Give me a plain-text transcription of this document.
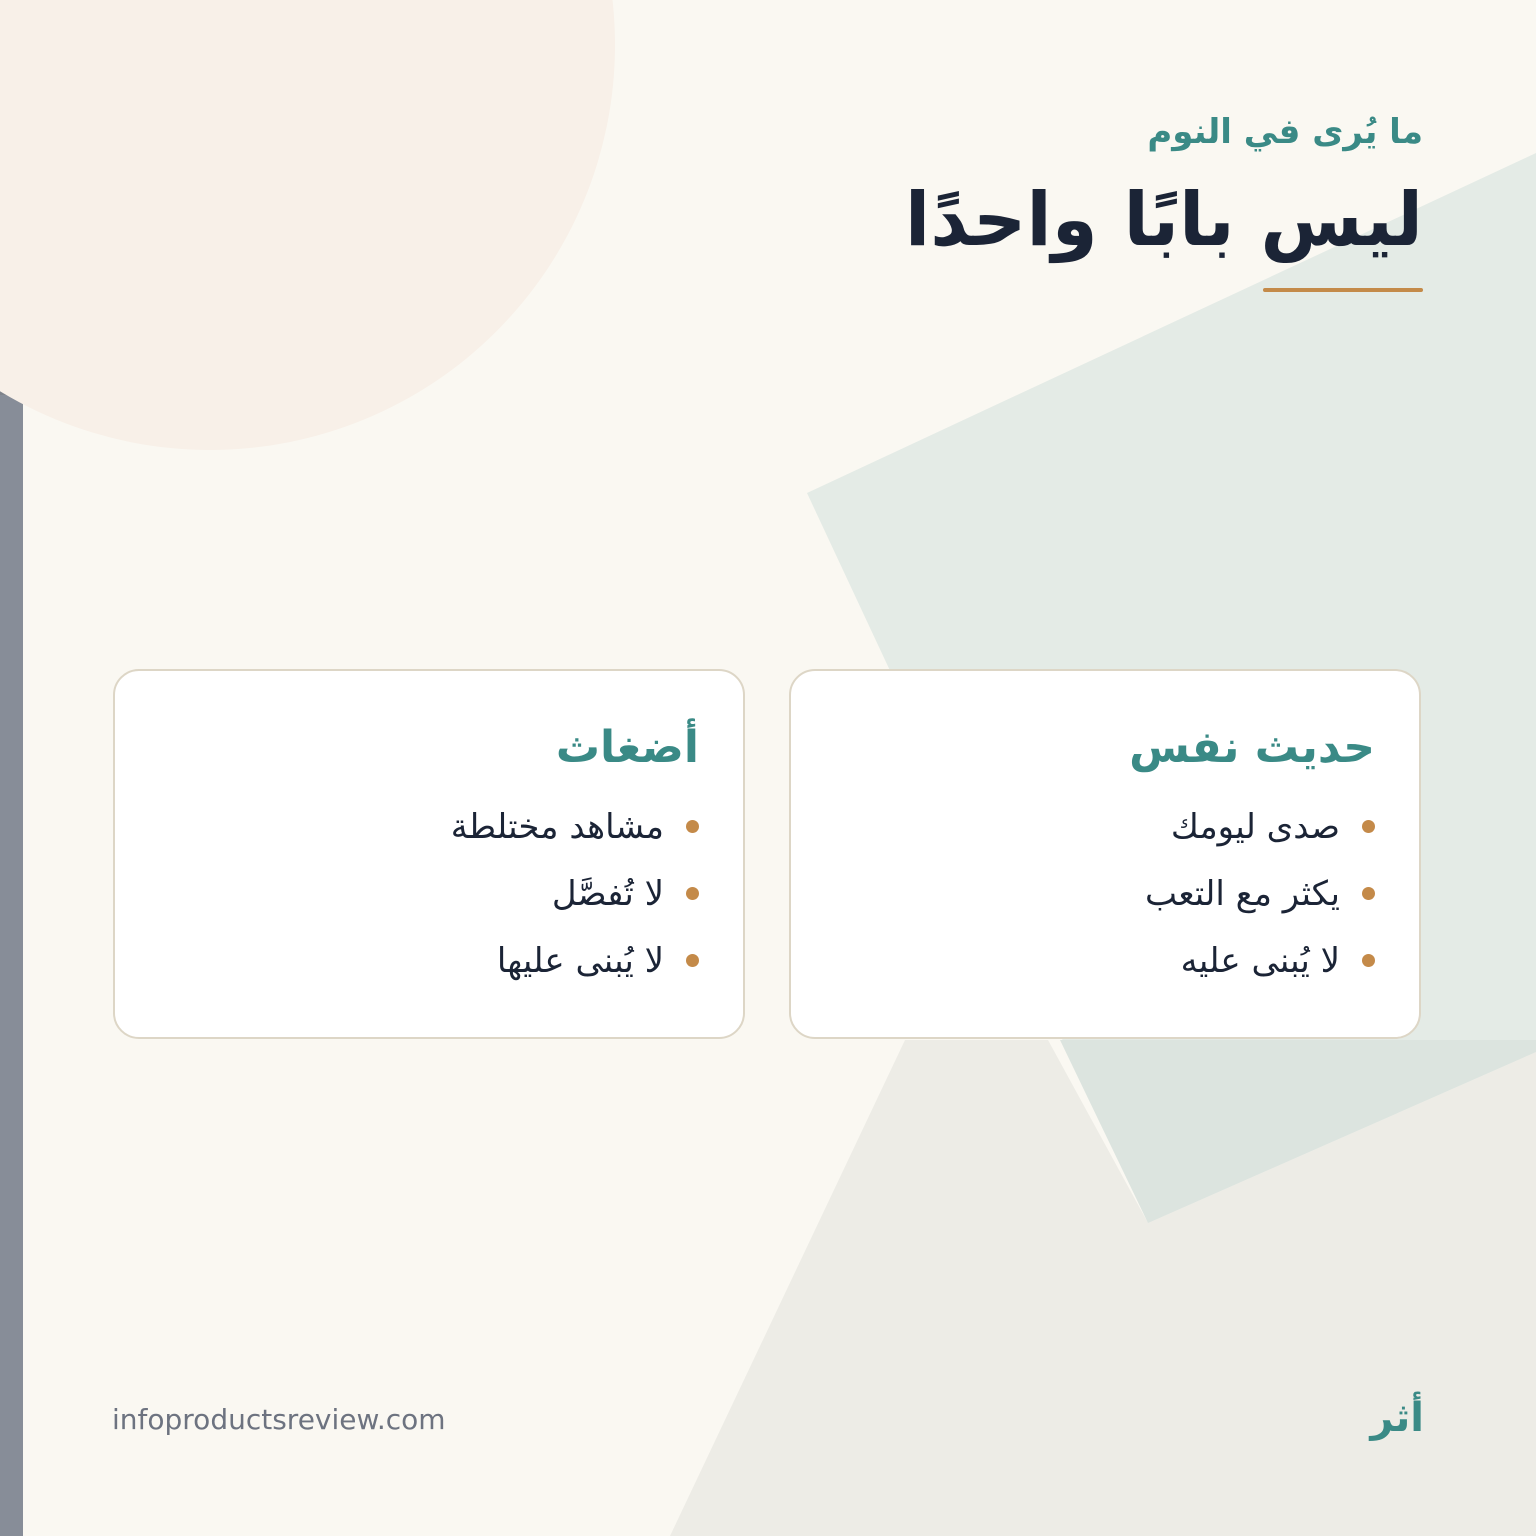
ما يُرى في النوم
ليس بابًا واحدًا
حديث نفس
صدى ليومك
يكثر مع التعب
لا يُبنى عليه
أضغاث
مشاهد مختلطة
لا تُفصَّل
لا يُبنى عليها
infoproductsreview.com	أثر
